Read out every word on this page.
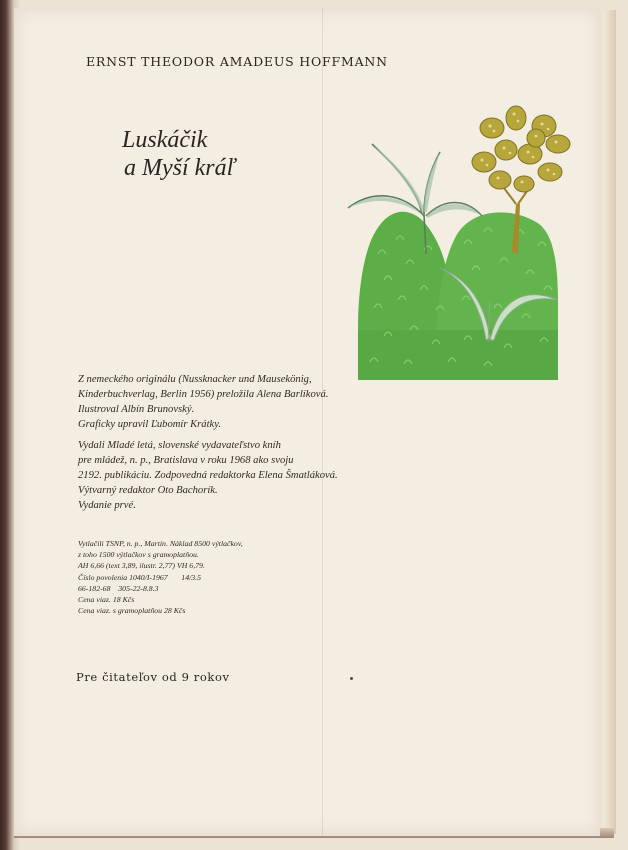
ERNST THEODOR AMADEUS HOFFMANN
Luskáčik
a Myší kráľ
Z nemeckého originálu (Nussknacker und Mausekönig,
Kinderbuchverlag, Berlin 1956) preložila Alena Barlíková.
Ilustroval Albín Brunovský.
Graficky upravil Ľubomír Krátky.
Vydali Mladé letá, slovenské vydavateľstvo kníh
pre mládež, n. p., Bratislava v roku 1968 ako svoju
2192. publikáciu. Zodpovedná redaktorka Elena Šmatláková.
Výtvarný redaktor Oto Bachorík.
Vydanie prvé.
Vytlačili TSNP, n. p., Martin. Náklad 8500 výtlačkov,
z toho 1500 výtlačkov s gramoplatňou.
AH 6,66 (text 3,89, ilustr. 2,77) VH 6,79.
Číslo povolenia 1040/I-1967       14/3.5
66-182-68    305-22-8.8.3
Cena viaz. 18 Kčs
Cena viaz. s gramoplatňou 28 Kčs
Pre čitateľov od 9 rokov
